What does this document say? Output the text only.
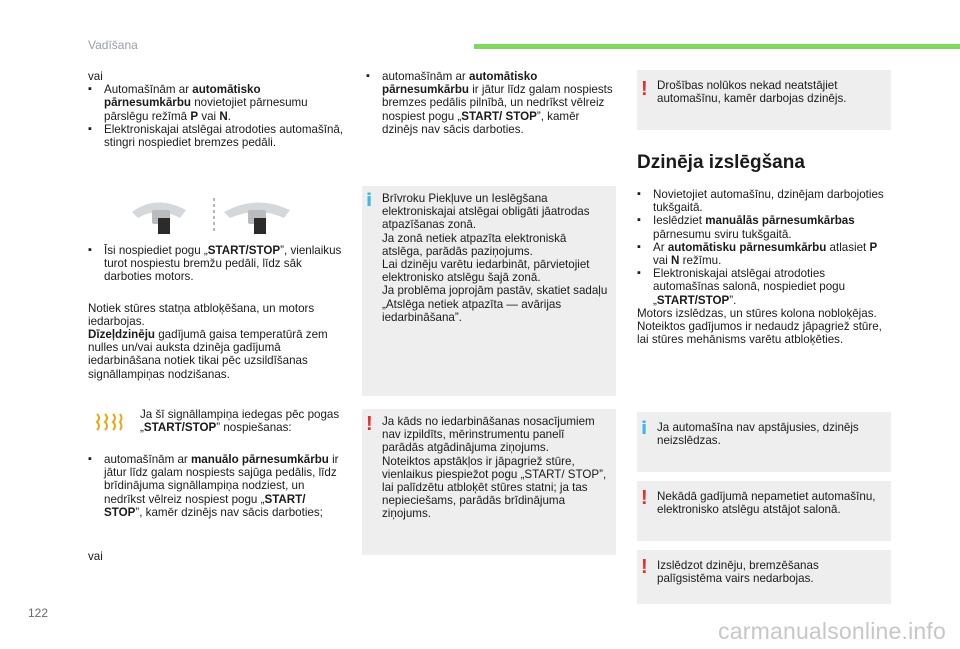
Vadīšana

vai

▪ Automašīnām ar automātisko pārnesumkārbu novietojiet pārnesumu pārslēgu režīmā P vai N.

▪ Elektroniskajai atslēgai atrodoties automašīnā, stingri nospiediet bremzes pedāli.

▪ Īsi nospiediet pogu „START/STOP”, vienlaikus turot nospiestu bremžu pedāli, līdz sāk darboties motors.

Notiek stūres statņa atbloķēšana, un motors iedarbojas.

Dīzeļdzinēju gadījumā gaisa temperatūrā zem nulles un/vai auksta dzinēja gadījumā iedarbināšana notiek tikai pēc uzsildīšanas signāllampiņas nodzišanas.

Ja šī signāllampiņa iedegas pēc pogas „START/STOP” nospiešanas:

▪ automašīnām ar manuālo pārnesumkārbu ir jātur līdz galam nospiests sajūga pedālis, līdz brīdinājuma signāllampiņa nodziest, un nedrīkst vēlreiz nospiest pogu „START/ STOP”, kamēr dzinējs nav sācis darboties;

vai

▪ automašīnām ar automātisko pārnesumkārbu ir jātur līdz galam nospiests bremzes pedālis pilnībā, un nedrīkst vēlreiz nospiest pogu „START/ STOP”, kamēr dzinējs nav sācis darboties.

i Brīvroku Piekļuve un Ieslēgšana elektroniskajai atslēgai obligāti jāatrodas atpazīšanas zonā.

Ja zonā netiek atpazīta elektroniskā atslēga, parādās paziņojums.

Lai dzinēju varētu iedarbināt, pārvietojiet elektronisko atslēgu šajā zonā.

Ja problēma joprojām pastāv, skatiet sadaļu „Atslēga netiek atpazīta — avārijas iedarbināšana”.

! Ja kāds no iedarbināšanas nosacījumiem nav izpildīts, mērinstrumentu panelī parādās atgādinājuma ziņojums.

Noteiktos apstākļos ir jāpagriež stūre, vienlaikus piespiežot pogu „START/ STOP”, lai palīdzētu atbloķēt stūres statni; ja tas nepieciešams, parādās brīdinājuma ziņojums.

! Drošības nolūkos nekad neatstājiet automašīnu, kamēr darbojas dzinējs.
Dzinēja izslēgšana

▪ Novietojiet automašīnu, dzinējam darbojoties tukšgaitā.

▪ Ieslēdziet manuālās pārnesumkārbas pārnesumu sviru tukšgaitā.

▪ Ar automātisku pārnesumkārbu atlasiet P vai N režīmu.

▪ Elektroniskajai atslēgai atrodoties automašīnas salonā, nospiediet pogu „START/STOP”.

Motors izslēdzas, un stūres kolona nobloķējas. Noteiktos gadījumos ir nedaudz jāpagriež stūre, lai stūres mehānisms varētu atbloķēties.

i Ja automašīna nav apstājusies, dzinējs neizslēdzas.
! Nekādā gadījumā nepametiet automašīnu, elektronisko atslēgu atstājot salonā.
! Izslēdzot dzinēju, bremzēšanas palīgsistēma vairs nedarbojas.
122
carmanualsonline.info
